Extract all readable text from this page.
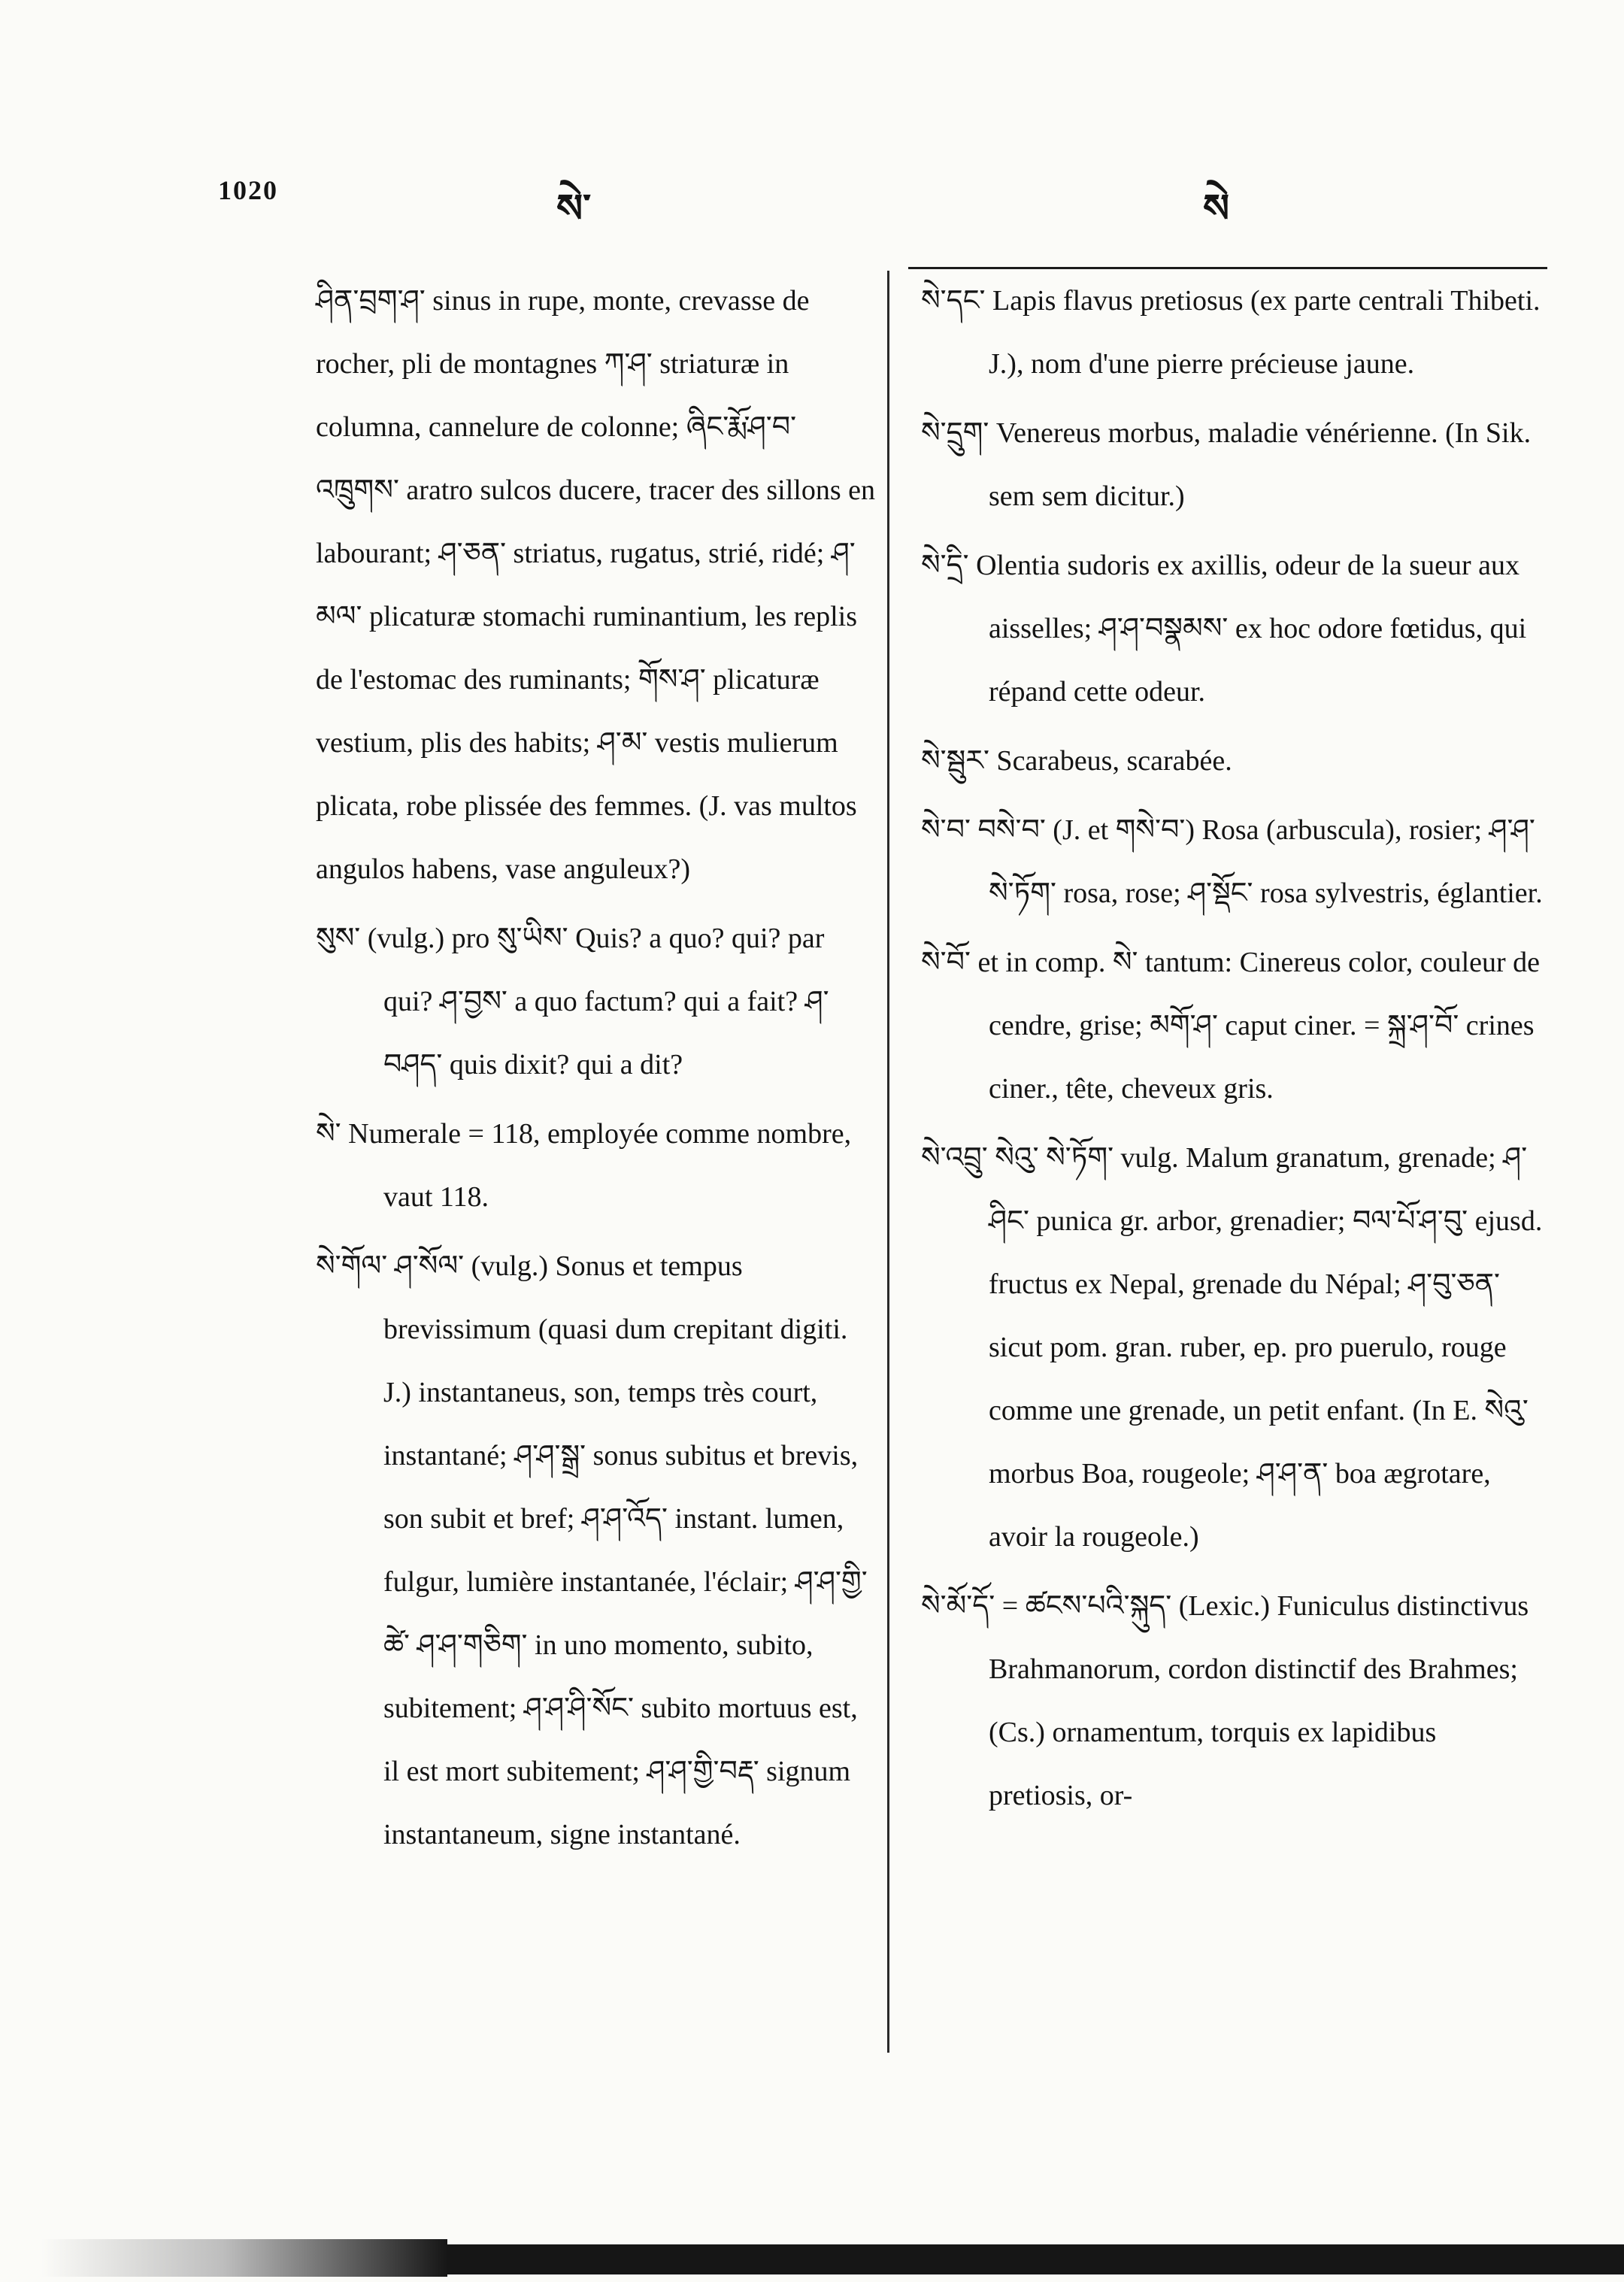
1020	སེ་	སེ

ཤིན་བྲག་ཤ་ sinus in rupe, monte, crevasse de rocher, pli de montagnes ཀ་ཤ་ striaturæ in columna, cannelure de colonne; ཞིང་རྨོ་ཤ་བ་འཁྲུགས་ aratro sulcos ducere, tracer des sillons en labourant; ཤ་ཅན་ striatus, rugatus, strié, ridé; ཤ་མལ་ plicaturæ stomachi ruminantium, les replis de l'estomac des ruminants; གོས་ཤ་ plicaturæ vestium, plis des habits; ཤ་མ་ vestis mulierum plicata, robe plissée des femmes. (J. vas multos angulos habens, vase anguleux?)

སུས་ (vulg.) pro སུ་ཡིས་ Quis? a quo? qui? par qui? ཤ་བྱས་ a quo factum? qui a fait? ཤ་བཤད་ quis dixit? qui a dit?

སེ་ Numerale = 118, employée comme nombre, vaut 118.

སེ་གོལ་ ཤ་སོལ་ (vulg.) Sonus et tempus brevissimum (quasi dum crepitant digiti. J.) instantaneus, son, temps très court, instantané; ཤ་ཤ་སྒྲ་ sonus subitus et brevis, son subit et bref; ཤ་ཤ་འོད་ instant. lumen, fulgur, lumière instantanée, l'éclair; ཤ་ཤ་གྱི་ཚེ་ ཤ་ཤ་གཅིག་ in uno momento, subito, subitement; ཤ་ཤ་ཤི་སོང་ subito mortuus est, il est mort subitement; ཤ་ཤ་གྱི་བརྡ་ signum instantaneum, signe instantané.

སེ་དང་ Lapis flavus pretiosus (ex parte centrali Thibeti. J.), nom d'une pierre précieuse jaune.

སེ་དྲུག་ Venereus morbus, maladie vénérienne. (In Sik. sem sem dicitur.)

སེ་དྲི་ Olentia sudoris ex axillis, odeur de la sueur aux aisselles; ཤ་ཤ་བསྣམས་ ex hoc odore fœtidus, qui répand cette odeur.

སེ་སྦུར་ Scarabeus, scarabée.

སེ་བ་ བསེ་བ་ (J. et གསེ་བ་) Rosa (arbuscula), rosier; ཤ་ཤ་སེ་ཏོག་ rosa, rose; ཤ་སྡོང་ rosa sylvestris, églantier.

སེ་བོ་ et in comp. སེ་ tantum: Cinereus color, couleur de cendre, grise; མགོ་ཤ་ caput ciner. = སྐྲ་ཤ་བོ་ crines ciner., tête, cheveux gris.

སེ་འབྲུ་ སེའུ་ སེ་ཏོག་ vulg. Malum granatum, grenade; ཤ་ཤིང་ punica gr. arbor, grenadier; བལ་པོ་ཤ་བུ་ ejusd. fructus ex Nepal, grenade du Népal; ཤ་བུ་ཅན་ sicut pom. gran. ruber, ep. pro puerulo, rouge comme une grenade, un petit enfant. (In E. སེའུ་ morbus Boa, rougeole; ཤ་ཤ་ན་ boa ægrotare, avoir la rougeole.)

སེ་མོ་དོ་ = ཚངས་པའི་སྐུད་ (Lexic.) Funiculus distinctivus Brahmanorum, cordon distinctif des Brahmes; (Cs.) ornamentum, torquis ex lapidibus pretiosis, or-
